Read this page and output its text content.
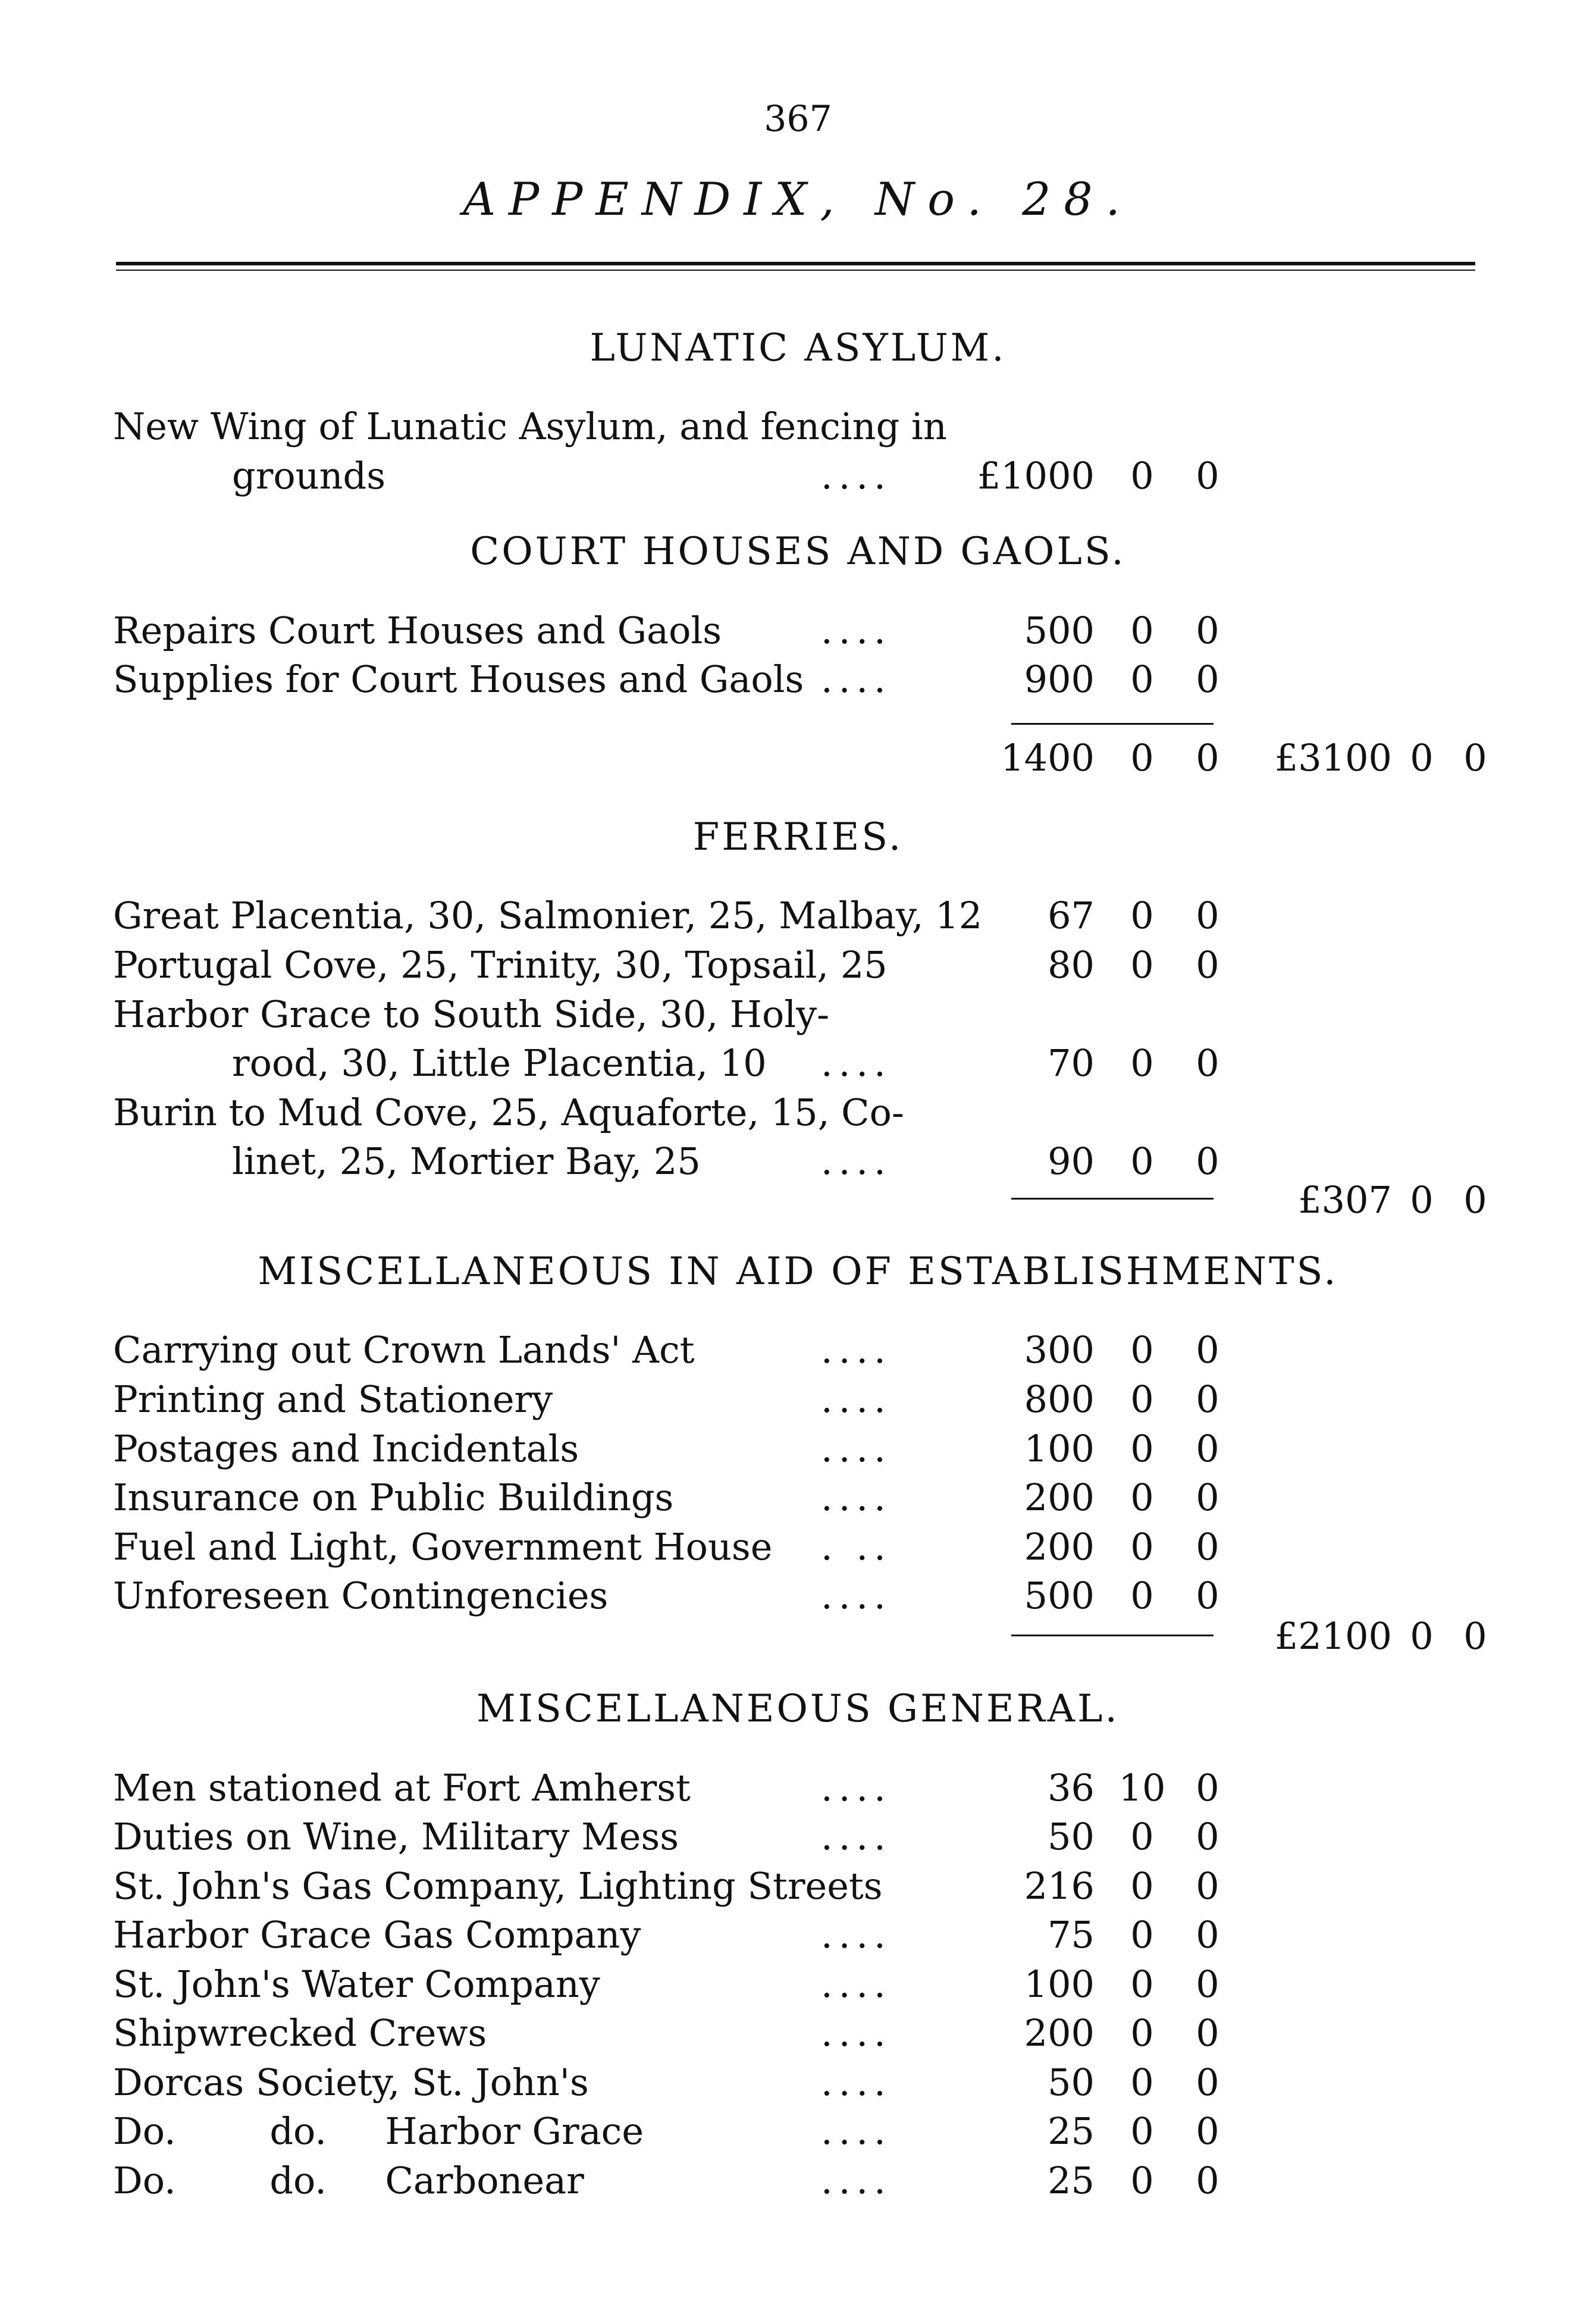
367
APPENDIX, No. 28.
LUNATIC ASYLUM.
New Wing of Lunatic Asylum, and fencing in
grounds	....	£1000 0	0
COURT HOUSES AND GAOLS.
Repairs Court Houses and Gaols	....	500 0	0
Supplies for Court Houses and Gaols ....	900 0	0
1400 0	0	£3100 0 0
FERRIES.
Great Placentia, 30, Salmonier, 25, Malbay, 12	67 0	0
Portugal Cove, 25, Trinity, 30, Topsail, 25	80 0	0
Harbor Grace to South Side, 30, Holy-
rood, 30, Little Placentia, 10 ....	70 0	0
Burin to Mud Cove, 25, Aquaforte, 15, Co-
linet, 25, Mortier Bay, 25	....	90 0	0
£307 0 0
MISCELLANEOUS IN AID OF ESTABLISHMENTS.
Carrying out Crown Lands' Act	....	300 0	0
Printing and Stationery	....	800 0	0
Postages and Incidentals	....	100 0	0
Insurance on Public Buildings	....	200 0	0
Fuel and Light, Government House . ..	200 0	0
Unforeseen Contingencies	....	500 0	0
£2100 0 0
MISCELLANEOUS GENERAL.
Men stationed at Fort Amherst	....	36 10 0
Duties on Wine, Military Mess	....	50 0	0
St. John's Gas Company, Lighting Streets	216 0	0
Harbor Grace Gas Company	....	75 0	0
St. John's Water Company	....	100 0	0
Shipwrecked Crews	....	200 0	0
Dorcas Society, St. John's	....	50 0	0
Do.        do.     Harbor Grace	....	25 0	0
Do.        do.     Carbonear	....	25 0	0
